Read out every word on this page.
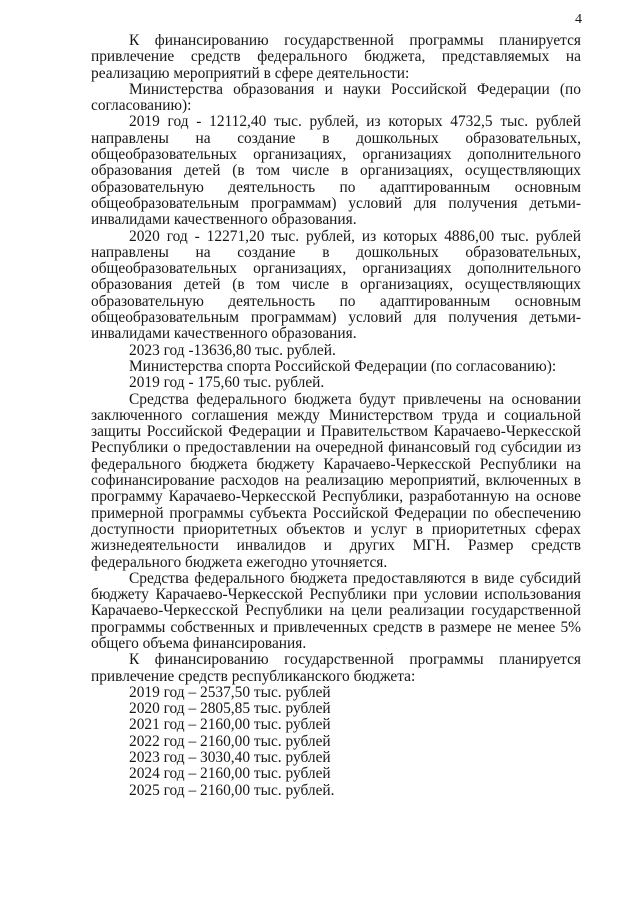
4

К финансированию государственной программы планируется привлечение средств федерального бюджета, представляемых на реализацию мероприятий в сфере деятельности:

Министерства образования и науки Российской Федерации (по согласованию):

2019 год - 12112,40 тыс. рублей, из которых 4732,5 тыс. рублей направлены на создание в дошкольных образовательных, общеобразовательных организациях, организациях дополнительного образования детей (в том числе в организациях, осуществляющих образовательную деятельность по адаптированным основным общеобразовательным программам) условий для получения детьми-инвалидами качественного образования.

2020 год - 12271,20 тыс. рублей, из которых 4886,00 тыс. рублей направлены на создание в дошкольных образовательных, общеобразовательных организациях, организациях дополнительного образования детей (в том числе в организациях, осуществляющих образовательную деятельность по адаптированным основным общеобразовательным программам) условий для получения детьми-инвалидами качественного образования.

2023 год -13636,80 тыс. рублей.

Министерства спорта Российской Федерации (по согласованию):

2019 год - 175,60 тыс. рублей.

Средства федерального бюджета будут привлечены на основании заключенного соглашения между Министерством труда и социальной защиты Российской Федерации и Правительством Карачаево-Черкесской Республики о предоставлении на очередной финансовый год субсидии из федерального бюджета бюджету Карачаево-Черкесской Республики на софинансирование расходов на реализацию мероприятий, включенных в программу Карачаево-Черкесской Республики, разработанную на основе примерной программы субъекта Российской Федерации по обеспечению доступности приоритетных объектов и услуг в приоритетных сферах жизнедеятельности инвалидов и других МГН. Размер средств федерального бюджета ежегодно уточняется.

Средства федерального бюджета предоставляются в виде субсидий бюджету Карачаево-Черкесской Республики при условии использования Карачаево-Черкесской Республики на цели реализации государственной программы собственных и привлеченных средств в размере не менее 5% общего объема финансирования.

К финансированию государственной программы планируется привлечение средств республиканского бюджета:

2019 год – 2537,50 тыс. рублей
2020 год – 2805,85 тыс. рублей
2021 год – 2160,00 тыс. рублей
2022 год – 2160,00 тыс. рублей
2023 год – 3030,40 тыс. рублей
2024 год – 2160,00 тыс. рублей
2025 год – 2160,00 тыс. рублей.
